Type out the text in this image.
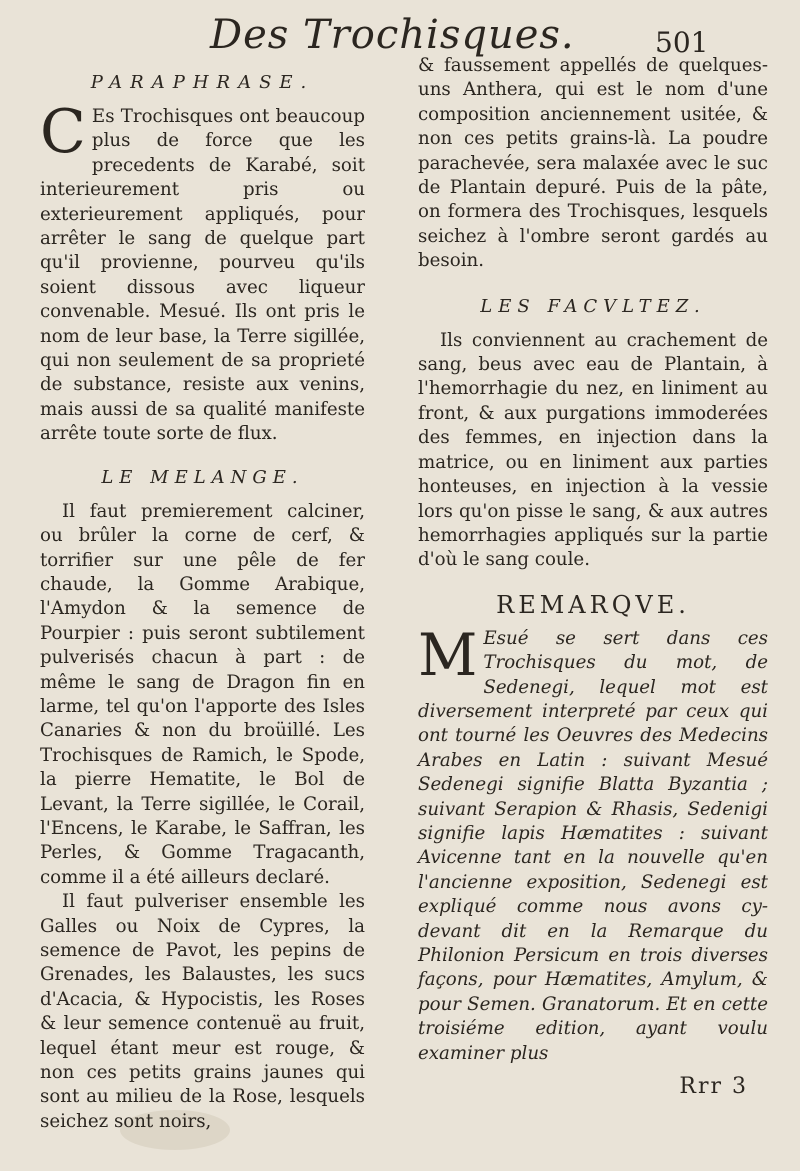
Des Trochisques.	501

PARAPHRASE.

C Es Trochisques ont beaucoup plus de force que les precedents de Karabé, soit interieurement pris ou exterieurement appliqués, pour arrêter le sang de quelque part qu'il provienne, pourveu qu'ils soient dissous avec liqueur convenable. Mesué. Ils ont pris le nom de leur base, la Terre sigillée, qui non seulement de sa proprieté de substance, resiste aux venins, mais aussi de sa qualité manifeste arrête toute sorte de flux.

LE MELANGE.

Il faut premierement calciner, ou brûler la corne de cerf, & torrifier sur une pêle de fer chaude, la Gomme Arabique, l'Amydon & la semence de Pourpier : puis seront subtilement pulverisés chacun à part : de même le sang de Dragon fin en larme, tel qu'on l'apporte des Isles Canaries & non du broüillé. Les Trochisques de Ramich, le Spode, la pierre Hematite, le Bol de Levant, la Terre sigillée, le Corail, l'Encens, le Karabe, le Saffran, les Perles, & Gomme Tragacanth, comme il a été ailleurs declaré.

Il faut pulveriser ensemble les Galles ou Noix de Cypres, la semence de Pavot, les pepins de Grenades, les Balaustes, les sucs d'Acacia, & Hypocistis, les Roses & leur semence contenuë au fruit, lequel étant meur est rouge, & non ces petits grains jaunes qui sont au milieu de la Rose, lesquels seichez sont noirs,

& faussement appellés de quelques-uns Anthera, qui est le nom d'une composition anciennement usitée, & non ces petits grains-là. La poudre parachevée, sera malaxée avec le suc de Plantain depuré. Puis de la pâte, on formera des Trochisques, lesquels seichez à l'ombre seront gardés au besoin.

LES FACVLTEZ.

Ils conviennent au crachement de sang, beus avec eau de Plantain, à l'hemorrhagie du nez, en liniment au front, & aux purgations immoderées des femmes, en injection dans la matrice, ou en liniment aux parties honteuses, en injection à la vessie lors qu'on pisse le sang, & aux autres hemorrhagies appliqués sur la partie d'où le sang coule.

REMARQVE.

M Esué se sert dans ces Trochisques du mot, de Sedenegi, lequel mot est diversement interpreté par ceux qui ont tourné les Oeuvres des Medecins Arabes en Latin : suivant Mesué Sedenegi signifie Blatta Byzantia ; suivant Serapion & Rhasis, Sedenigi signifie lapis Hæmatites : suivant Avicenne tant en la nouvelle qu'en l'ancienne exposition, Sedenegi est expliqué comme nous avons cy-devant dit en la Remarque du Philonion Persicum en trois diverses façons, pour Hæmatites, Amylum, & pour Semen. Granatorum. Et en cette troisiéme edition, ayant voulu examiner plus

Rrr 3
